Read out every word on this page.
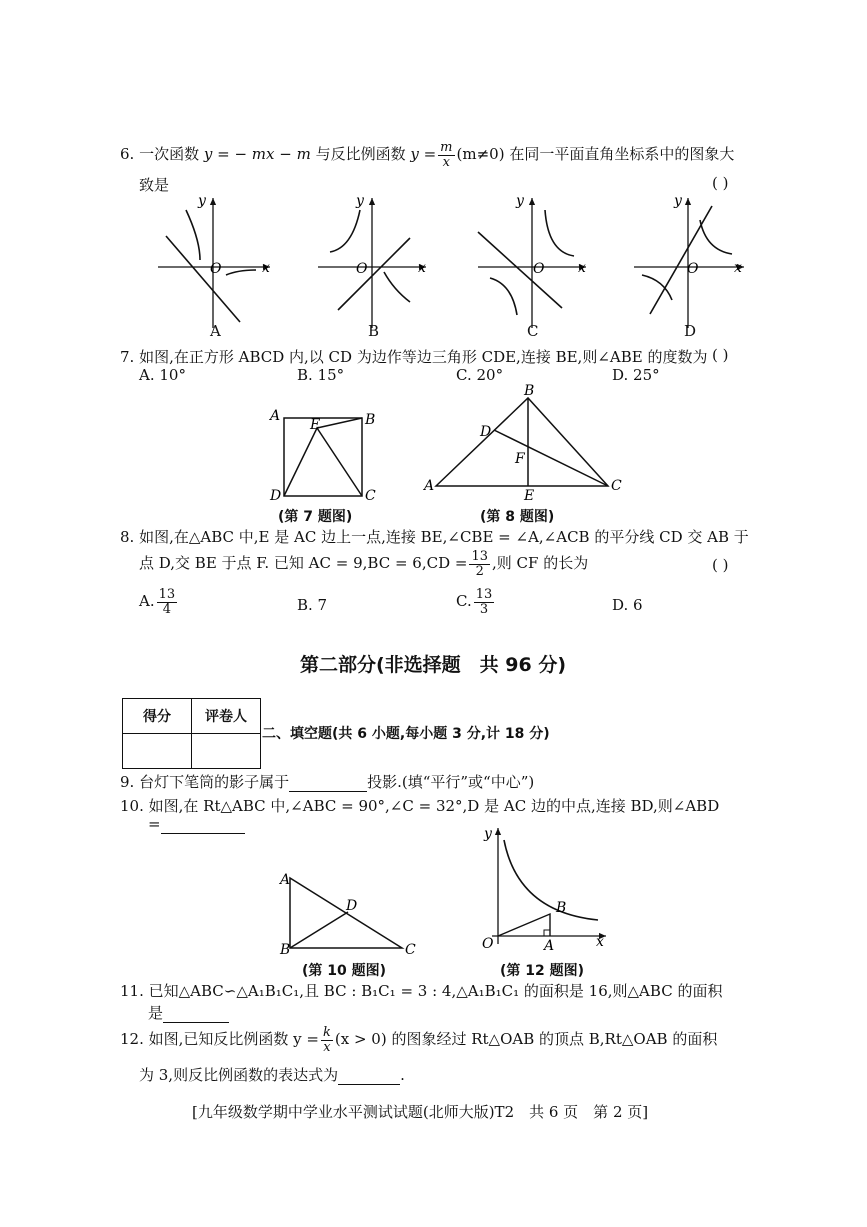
6. 一次函数 y = − mx − m 与反比例函数 $y = \frac{m}{x} (m\ne 0)$ 在同一平面直角坐标系中的图象大
致是	( )
y
x
O
y
x
O
y
x
O
y
x
O
A	B	C	D
7. 如图,在正方形 ABCD 内,以 CD 为边作等边三角形 CDE,连接 BE,则∠ABE 的度数为 ( )
A. 10°	B. 15°	C. 20°	D. 25°
A	B
C
D
E
(第 7 题图)
A
B
C
D
E
F
(第 8 题图)
8. 如图,在△ABC 中,E 是 AC 边上一点,连接 BE,∠CBE = ∠A,∠ACB 的平分线 CD 交 AB 于
点 D,交 BE 于点 F. 已知 AC = $9,BC = 6,CD = \frac{13}{2}$ ,则 CF 的长为	( )
A. $\frac{13}{4}$	B. 7	C. $\frac{13}{3}$	D. 6
第二部分(非选择题　共 96 分)
得分	评卷人

二、填空题(共 6 小题,每小题 3 分,计 18 分)
9. 台灯下笔筒的影子属于	投影.(填“平行”或“中心”)
10. 如图,在 Rt△ABC 中,∠ABC = 90°,∠C = 32°,D 是 AC 边的中点,连接 BD,则∠ABD
=
A
B	C
D
(第 10 题图)
y
x
O	A
B
(第 12 题图)
11. 已知△ABC∽△A₁B₁C₁,且 BC : B₁C₁ = 3 : 4,△A₁B₁C₁ 的面积是 16,则△ABC 的面积
是
12. 如图,已知反比例函数 $y = \frac{k}{x} (x > 0)$ 的图象经过 Rt△OAB 的顶点 B,Rt△OAB 的面积
为 3,则反比例函数的表达式为	.
[九年级数学期中学业水平测试试题(北师大版)T2　共 6 页　第 2 页]
